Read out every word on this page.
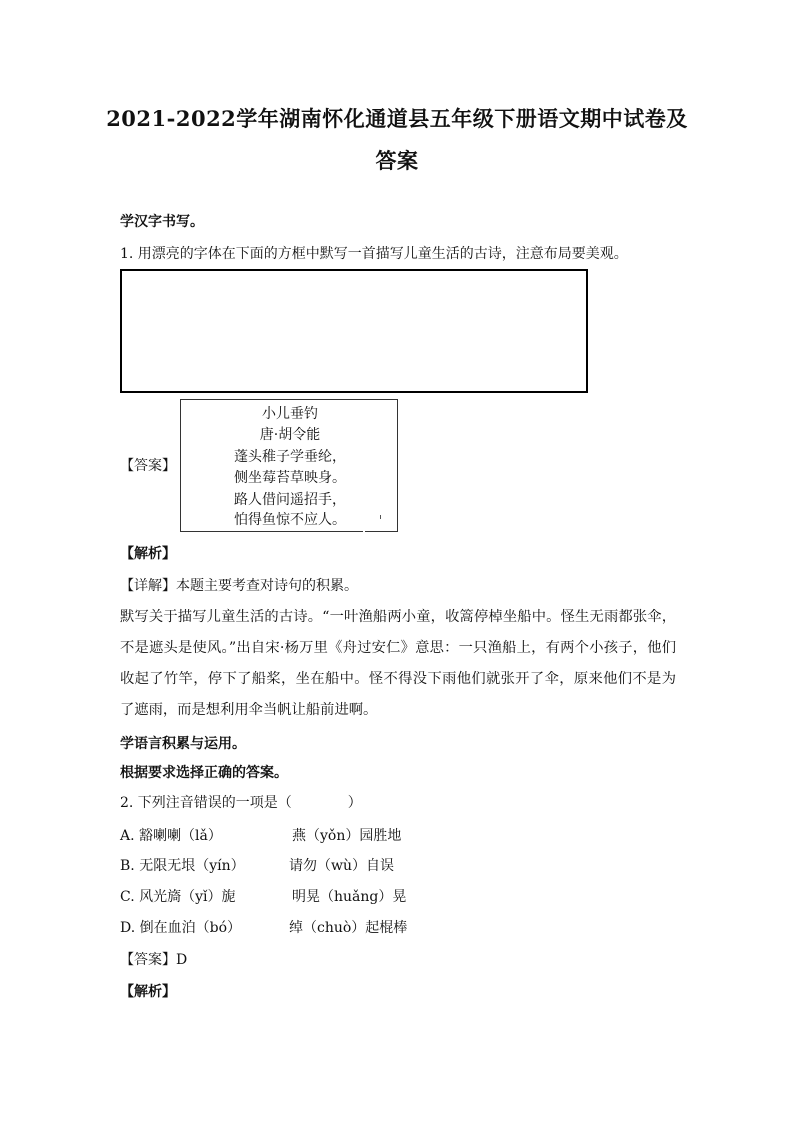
2021-2022学年湖南怀化通道县五年级下册语文期中试卷及
答案
学汉字书写。
1. 用漂亮的字体在下面的方框中默写一首描写儿童生活的古诗，注意布局要美观。
【答案】
小儿垂钓
唐·胡令能
蓬头稚子学垂纶，
侧坐莓苔草映身。
路人借问遥招手，
怕得鱼惊不应人。
【解析】
【详解】本题主要考查对诗句的积累。
默写关于描写儿童生活的古诗。“一叶渔船两小童，收篙停棹坐船中。怪生无雨都张伞，不是遮头是使风。”出自宋·杨万里《舟过安仁》意思：一只渔船上，有两个小孩子，他们收起了竹竿，停下了船桨，坐在船中。怪不得没下雨他们就张开了伞，原来他们不是为了遮雨，而是想利用伞当帆让船前进啊。
学语言积累与运用。
根据要求选择正确的答案。
2. 下列注音错误的一项是（　　　　）
A. 豁喇喇（lǎ）	燕（yǒn）园胜地
B. 无限无垠（yín）	请勿（wù）自误
C. 风光旖（yǐ）旎	明晃（huǎng）晃
D. 倒在血泊（bó）	绰（chuò）起棍棒
【答案】D
【解析】
